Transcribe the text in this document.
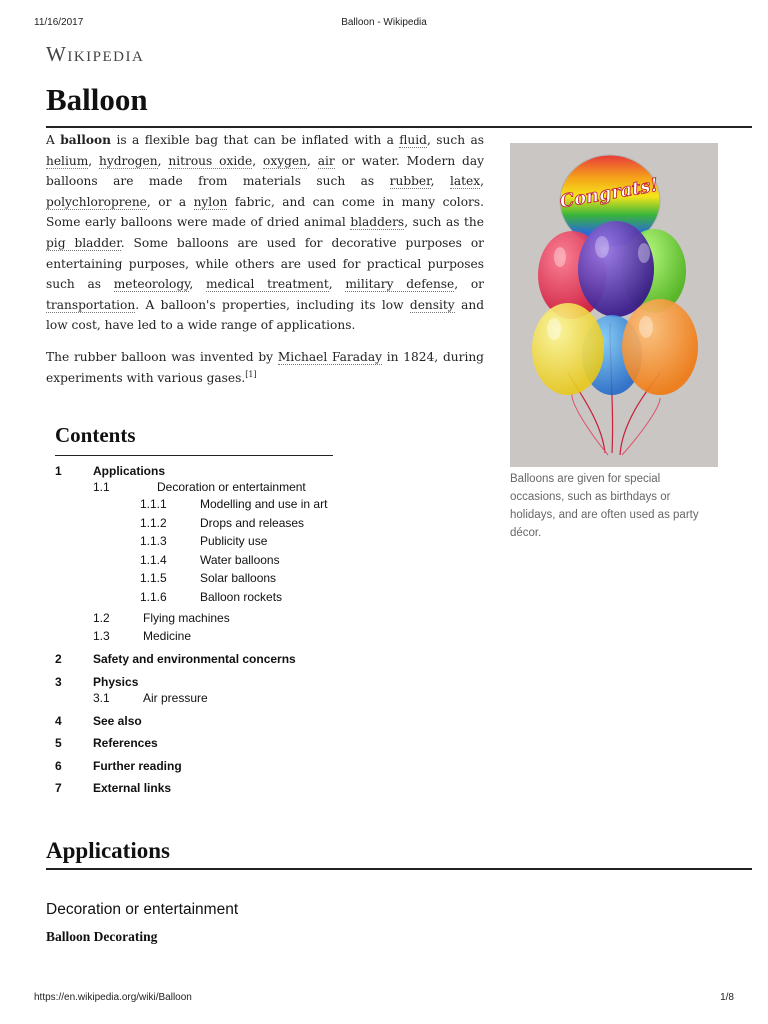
11/16/2017	Balloon - Wikipedia
Wikipedia
Balloon

A balloon is a flexible bag that can be inflated with a fluid, such as helium, hydrogen, nitrous oxide, oxygen, air or water. Modern day balloons are made from materials such as rubber, latex, polychloroprene, or a nylon fabric, and can come in many colors. Some early balloons were made of dried animal bladders, such as the pig bladder. Some balloons are used for decorative purposes or entertaining purposes, while others are used for practical purposes such as meteorology, medical treatment, military defense, or transportation. A balloon's properties, including its low density and low cost, have led to a wide range of applications.

The rubber balloon was invented by Michael Faraday in 1824, during experiments with various gases.[1]

Congrats!
Balloons are given for special occasions, such as birthdays or holidays, and are often used as party décor.
Contents
1	Applications
1.1	Decoration or entertainment
1.1.1	Modelling and use in art
1.1.2	Drops and releases
1.1.3	Publicity use
1.1.4	Water balloons
1.1.5	Solar balloons
1.1.6	Balloon rockets
1.2	Flying machines
1.3	Medicine
2	Safety and environmental concerns
3	Physics
3.1	Air pressure
4	See also
5	References
6	Further reading
7	External links
Applications
Decoration or entertainment
Balloon Decorating
https://en.wikipedia.org/wiki/Balloon	1/8
